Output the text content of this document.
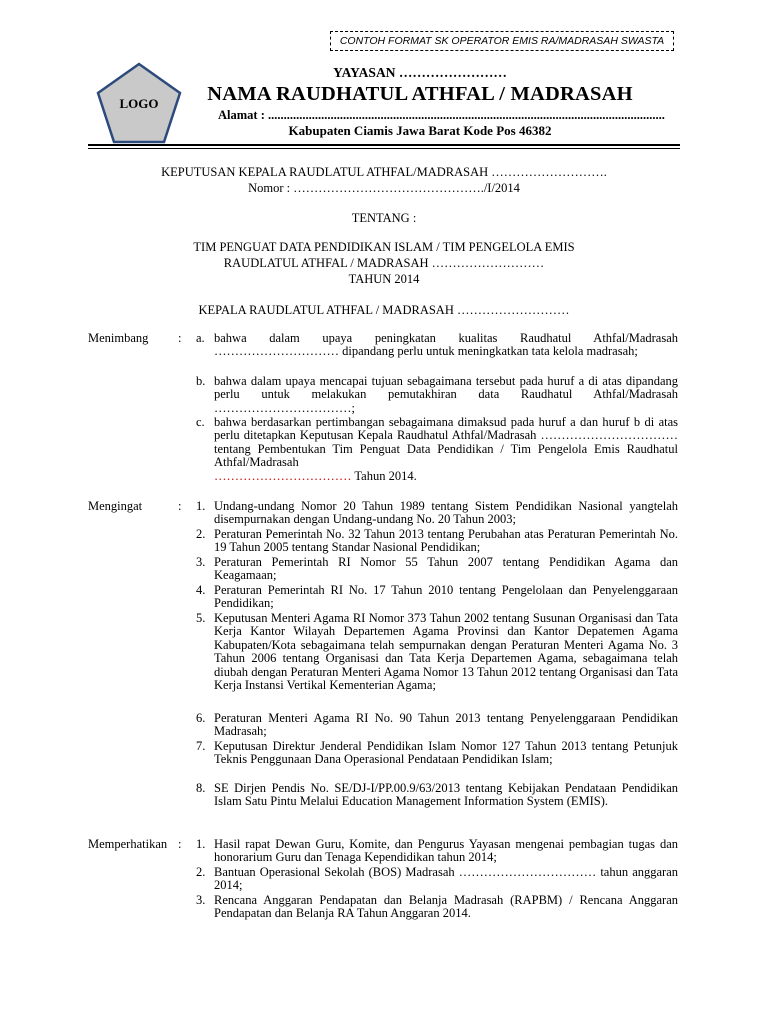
CONTOH FORMAT SK OPERATOR EMIS RA/MADRASAH SWASTA
LOGO
YAYASAN ……………………
NAMA RAUDHATUL ATHFAL / MADRASAH
Alamat : ...............................................................................................................................
Kabupaten Ciamis Jawa Barat Kode Pos 46382
KEPUTUSAN KEPALA RAUDLATUL ATHFAL/MADRASAH ……………………….
Nomor : ………………………………………./I/2014
TENTANG :
TIM PENGUAT DATA PENDIDIKAN ISLAM / TIM PENGELOLA EMIS
RAUDLATUL ATHFAL / MADRASAH ………………………
TAHUN 2014
KEPALA RAUDLATUL ATHFAL / MADRASAH ………………………
Menimbang	:	a. bahwa dalam upaya peningkatan kualitas Raudhatul Athfal/Madrasah ………………………… dipandang perlu untuk meningkatkan tata kelola madrasah;
b. bahwa dalam upaya mencapai tujuan sebagaimana tersebut pada huruf a di atas dipandang perlu untuk melakukan pemutakhiran data Raudhatul Athfal/Madrasah ……………………………;
c. bahwa berdasarkan pertimbangan sebagaimana dimaksud pada huruf a dan huruf b di atas perlu ditetapkan Keputusan Kepala Raudhatul Athfal/Madrasah …………………………… tentang Pembentukan Tim Penguat Data Pendidikan / Tim Pengelola Emis Raudhatul Athfal/Madrasah
…………………………… Tahun 2014.
Mengingat	:	1. Undang-undang Nomor 20 Tahun 1989 tentang Sistem Pendidikan Nasional yangtelah disempurnakan dengan Undang-undang No. 20 Tahun 2003;
2. Peraturan Pemerintah No. 32 Tahun 2013 tentang Perubahan atas Peraturan Pemerintah No. 19 Tahun 2005 tentang Standar Nasional Pendidikan;
3. Peraturan Pemerintah RI Nomor 55 Tahun 2007 tentang Pendidikan Agama dan Keagamaan;
4. Peraturan Pemerintah RI No. 17 Tahun 2010 tentang Pengelolaan dan Penyelenggaraan Pendidikan;
5. Keputusan Menteri Agama RI Nomor 373 Tahun 2002 tentang Susunan Organisasi dan Tata Kerja Kantor Wilayah Departemen Agama Provinsi dan Kantor Depatemen Agama Kabupaten/Kota sebagaimana telah sempurnakan dengan Peraturan Menteri Agama No. 3 Tahun 2006 tentang Organisasi dan Tata Kerja Departemen Agama, sebagaimana telah diubah dengan Peraturan Menteri Agama Nomor 13 Tahun 2012 tentang Organisasi dan Tata Kerja Instansi Vertikal Kementerian Agama;
6. Peraturan Menteri Agama RI No. 90 Tahun 2013 tentang Penyelenggaraan Pendidikan Madrasah;
7. Keputusan Direktur Jenderal Pendidikan Islam Nomor 127 Tahun 2013 tentang Petunjuk Teknis Penggunaan Dana Operasional Pendataan Pendidikan Islam;
8. SE Dirjen Pendis No. SE/DJ-I/PP.00.9/63/2013 tentang Kebijakan Pendataan Pendidikan Islam Satu Pintu Melalui Education Management Information System (EMIS).
Memperhatikan :	1. Hasil rapat Dewan Guru, Komite, dan Pengurus Yayasan mengenai pembagian tugas dan honorarium Guru dan Tenaga Kependidikan tahun 2014;
2. Bantuan Operasional Sekolah (BOS) Madrasah …………………………… tahun anggaran 2014;
3. Rencana Anggaran Pendapatan dan Belanja Madrasah (RAPBM) / Rencana Anggaran Pendapatan dan Belanja RA Tahun Anggaran 2014.
